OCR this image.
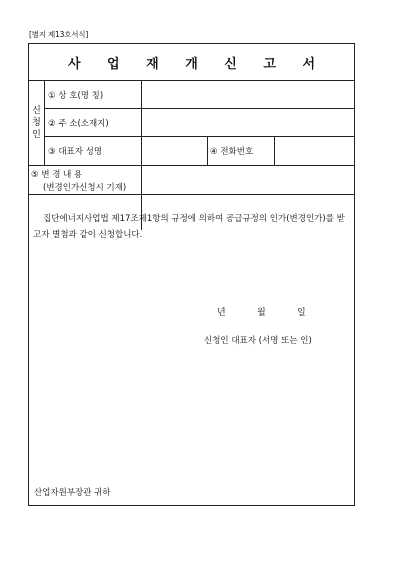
[별지 제13호서식]
사 업 재 개 신 고 서
신
청
인
① 상 호(명 칭)
② 주 소(소재지)
③ 대표자 성명	④ 전화번호
⑤ 변 경 내 용
(변경인가신청시 기재)
집단에너지사업법 제17조제1항의 규정에 의하여 공급규정의 인가(변경인가)를 받고자 별첨과 같이 신청합니다.
년	월	일
신청인 대표자 (서명 또는 인)
산업자원부장관 귀하
